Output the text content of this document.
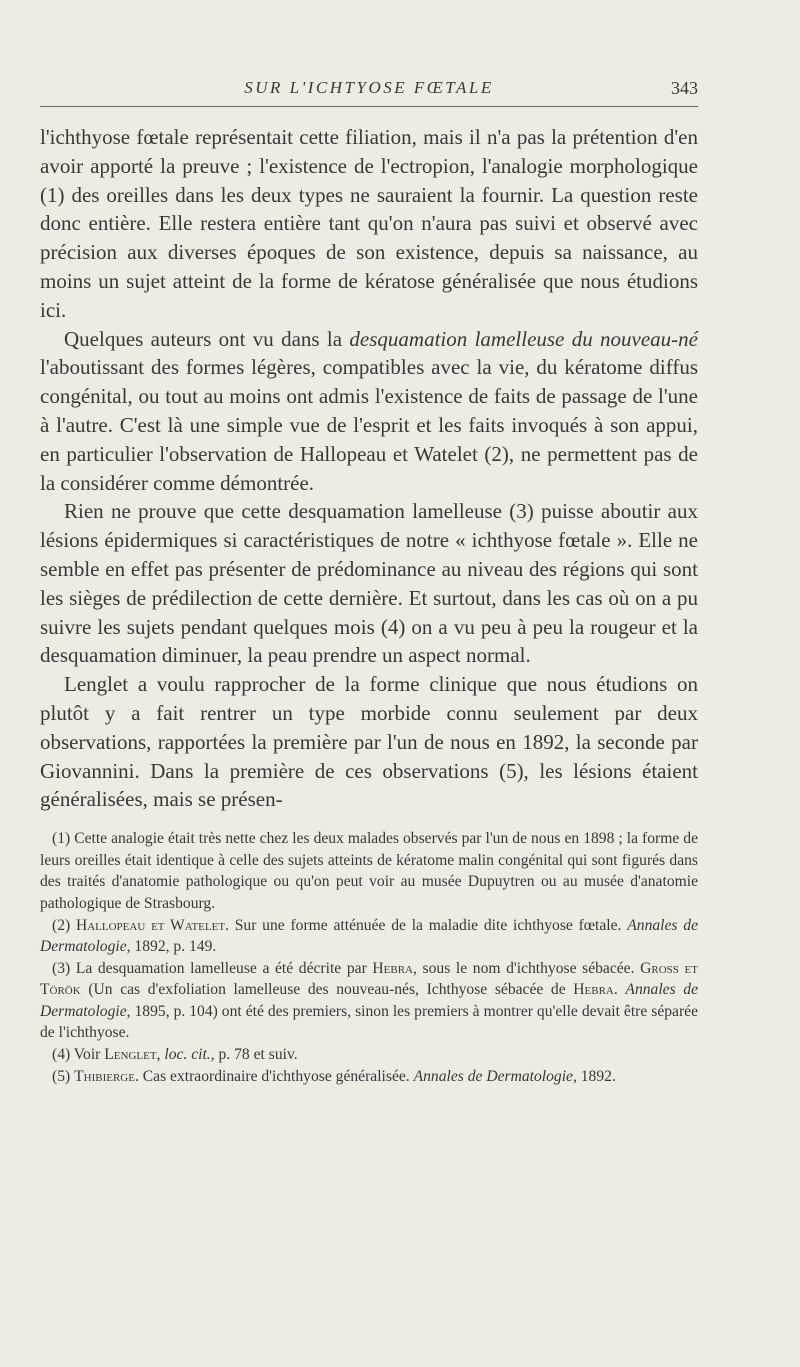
SUR L'ICHTYOSE FŒTALE	343

l'ichthyose fœtale représentait cette filiation, mais il n'a pas la prétention d'en avoir apporté la preuve ; l'existence de l'ectropion, l'analogie morphologique (1) des oreilles dans les deux types ne sauraient la fournir. La question reste donc entière. Elle restera entière tant qu'on n'aura pas suivi et observé avec précision aux diverses époques de son existence, depuis sa naissance, au moins un sujet atteint de la forme de kératose généralisée que nous étudions ici.

Quelques auteurs ont vu dans la desquamation lamelleuse du nouveau-né l'aboutissant des formes légères, compatibles avec la vie, du kératome diffus congénital, ou tout au moins ont admis l'existence de faits de passage de l'une à l'autre. C'est là une simple vue de l'esprit et les faits invoqués à son appui, en particulier l'observation de Hallopeau et Watelet (2), ne permettent pas de la considérer comme démontrée.

Rien ne prouve que cette desquamation lamelleuse (3) puisse aboutir aux lésions épidermiques si caractéristiques de notre « ichthyose fœtale ». Elle ne semble en effet pas présenter de prédominance au niveau des régions qui sont les sièges de prédilection de cette dernière. Et surtout, dans les cas où on a pu suivre les sujets pendant quelques mois (4) on a vu peu à peu la rougeur et la desquamation diminuer, la peau prendre un aspect normal.

Lenglet a voulu rapprocher de la forme clinique que nous étudions on plutôt y a fait rentrer un type morbide connu seulement par deux observations, rapportées la première par l'un de nous en 1892, la seconde par Giovannini. Dans la première de ces observations (5), les lésions étaient généralisées, mais se présen-

(1) Cette analogie était très nette chez les deux malades observés par l'un de nous en 1898 ; la forme de leurs oreilles était identique à celle des sujets atteints de kératome malin congénital qui sont figurés dans des traités d'anatomie pathologique ou qu'on peut voir au musée Dupuytren ou au musée d'anatomie pathologique de Strasbourg.

(2) Hallopeau et Watelet. Sur une forme atténuée de la maladie dite ichthyose fœtale. Annales de Dermatologie, 1892, p. 149.

(3) La desquamation lamelleuse a été décrite par Hebra, sous le nom d'ichthyose sébacée. Gross et Török (Un cas d'exfoliation lamelleuse des nouveau-nés, Ichthyose sébacée de Hebra. Annales de Dermatologie, 1895, p. 104) ont été des premiers, sinon les premiers à montrer qu'elle devait être séparée de l'ichthyose.

(4) Voir Lenglet, loc. cit., p. 78 et suiv.

(5) Thibierge. Cas extraordinaire d'ichthyose généralisée. Annales de Dermatologie, 1892.
